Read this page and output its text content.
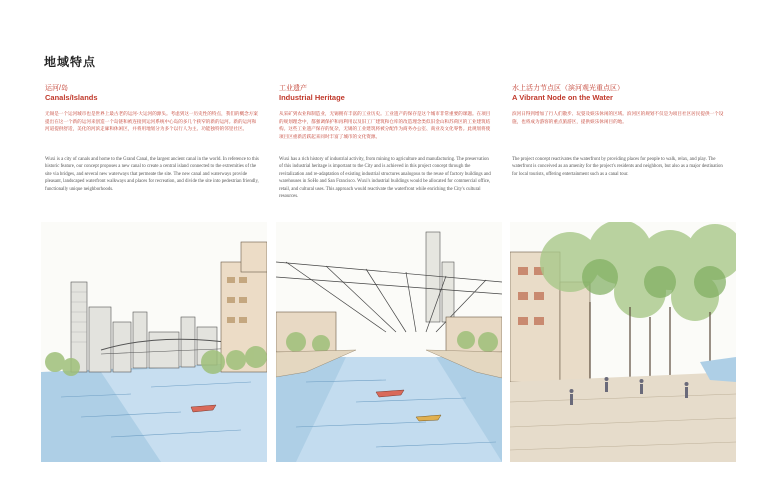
地域特点
运河/岛
Canals/Islands
无锡是一个运河城市也是世界上最古老的运河-大运河的源头。考虑到这一历史性的特点，我们的概念方案提出在这一个新的运河来创造一个岛链和被连接到运河系统中心岛的多几个狭窄的新的运河。新的运河和河道提供舒适，美化的河滨走廊和休闲区，并将用地划分为多个以行人为主、功能独特的邻里社区。
Wuxi is a city of canals and home to the Grand Canal, the largest ancient canal in the world. In reference to this historic feature, our concept proposes a new canal to create a central island connected to the extremities of the site via bridges, and several new waterways that permeate the site. The new canal and waterways provide pleasant, landscaped waterfront walkways and places for recreation, and divide the site into pedestrian friendly, functionally unique neighborhoods.
工业遗产
Industrial Heritage
从采矿到农业和制造业，无锡拥有丰富的工业历史。工业遗产的保存是这个城市非常重要的课题。在项目的规划理念中，都强调保护和再利用以及旧工厂建筑和仓库的改造理念类似旧金山和苏荷区的工业建筑结构。这些工业遗产保存的复杂，无锡的工业建筑将被分配作为商务办公室、商业及文化零售。此规划将使项目区重新活跃起来同时丰富了城市的文化资源。
Wuxi has a rich history of industrial activity, from mining to agriculture and manufacturing. The preservation of this industrial heritage is important to the City and is achieved in this project concept through the revitalization and re-adaptation of existing industrial structures analogous to the reuse of factory buildings and warehouses in SoHo and San Francisco. Wuxi's industrial buildings would be allocated for commercial office, retail, and cultural uses. This approach would reactivate the waterfront while enriching the City's cultural resources.
水上活力节点区（滨河观光重点区）
A Vibrant Node on the Water
滨河日得到增加了行人们散步、玩耍及娱乐休闲的区域。滨河区的规划不仅是为项目社区居民提供一个设施，也将成为游客的重点旅游区，提供娱乐休闲目的地。
The project concept reactivates the waterfront by providing places for people to walk, relax, and play. The waterfront is conceived as an amenity for the project's residents and neighbors, but also as a major destination for local tourists, offering entertainment such as a canal tour.
